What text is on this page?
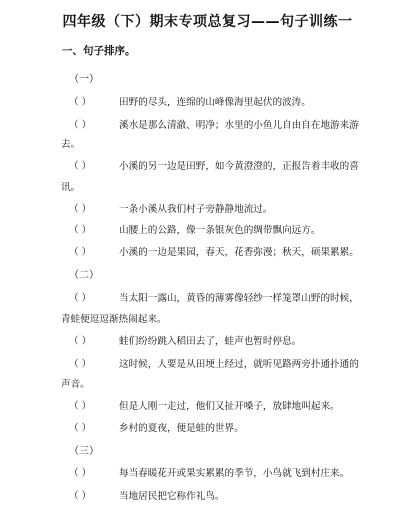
四年级（下）期末专项总复习——句子训练一
一、句子排序。
（一）
（ ）	田野的尽头，连绵的山峰像海里起伏的波涛。
（ ）	溪水是那么清澈、明净；水里的小鱼儿自由自在地游来游
去。
（ ）	小溪的另一边是田野，如今黄澄澄的，正报告着丰收的喜
讯。
（ ）	一条小溪从我们村子旁静静地流过。
（ ）	山腰上的公路，像一条银灰色的绸带飘向远方。
（ ）	小溪的一边是果园，春天，花香弥漫；秋天，硕果累累。
（二）
（ ）	当太阳一露山，黄昏的薄雾像轻纱一样笼罩山野的时候，
青蛙便逗逗渐热闹起来。
（ ）	蛙们纷纷跳入稻田去了，蛙声也暂时停息。
（ ）	这时候，人要是从田埂上经过，就听见路两旁扑通扑通的
声音。
（ ）	但是人刚一走过，他们又扯开嗓子，放肆地叫起来。
（ ）	乡村的夏夜，便是蛙的世界。
（三）
（ ）	每当春暖花开或果实累累的季节，小鸟就飞到村庄来。
（ ）	当地居民把它称作礼鸟。
